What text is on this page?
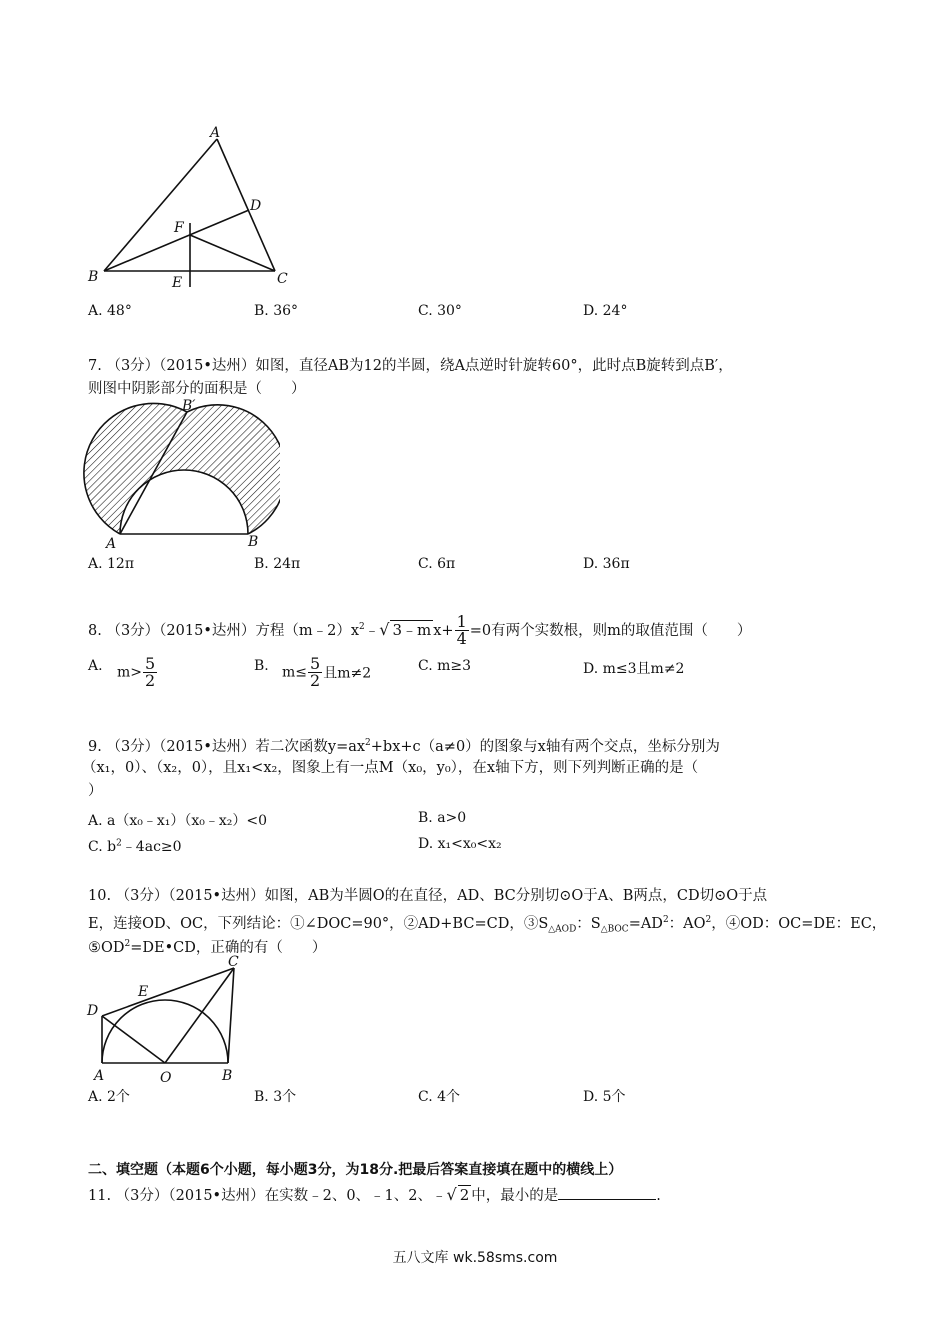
A
D
F
B	C
E
A. 48°	B. 36°	C. 30°	D. 24°
7. （3分）（2015•达州）如图，直径AB为12的半圆，绕A点逆时针旋转60°，此时点B旋转到点B′，
则图中阴影部分的面积是（　　）
B′
A	B
A. 12π	B. 24π	C. 6π	D. 36π
8. （3分）（2015•达州）方程$(m﹣2)x^2﹣√$ 3﹣m $x+ \frac{1}{4} =0$有两个实数根，则m的取值范围（　　）
A. $m> \frac{5}{2}$	B. $m\le \frac{5}{2}$ 且m≠2	C. m≥3	D. m≤3且m≠2
9. （3分）（2015•达州）若二次函数$y=ax^2+bx+c(a\ne 0)$的图象与x轴有两个交点，坐标分别为
（x₁，0）、（x₂，0），且x₁<x₂，图象上有一点M（x₀，y₀），在x轴下方，则下列判断正确的是（
）
A. a（x₀﹣x₁）（x₀﹣x₂）<0	B. a>0
C. $b^2﹣4ac\ge 0$	D. x₁<x₀<x₂
10. （3分）（2015•达州）如图，AB为半圆O的在直径，AD、BC分别切⊙O于A、B两点，CD切⊙O于点
E，连接OD、OC，下列结论：①∠DOC=90°，②AD+BC=CD，$③S_{\triangle AOD}$：$S_{\triangle BOC}=AD^2$：$AO^2$，④OD：OC=DE：EC，
$⑤OD^2=DE•CD$，正确的有（　　）
C
E
D
A	O	B
A. 2个	B. 3个	C. 4个	D. 5个
二、填空题（本题6个小题，每小题3分，为18分.把最后答案直接填在题中的横线上）
11. （3分）（2015•达州）在实数﹣2、0、﹣1、2、﹣√ 2 中，最小的是	.
五八文库 wk.58sms.com
